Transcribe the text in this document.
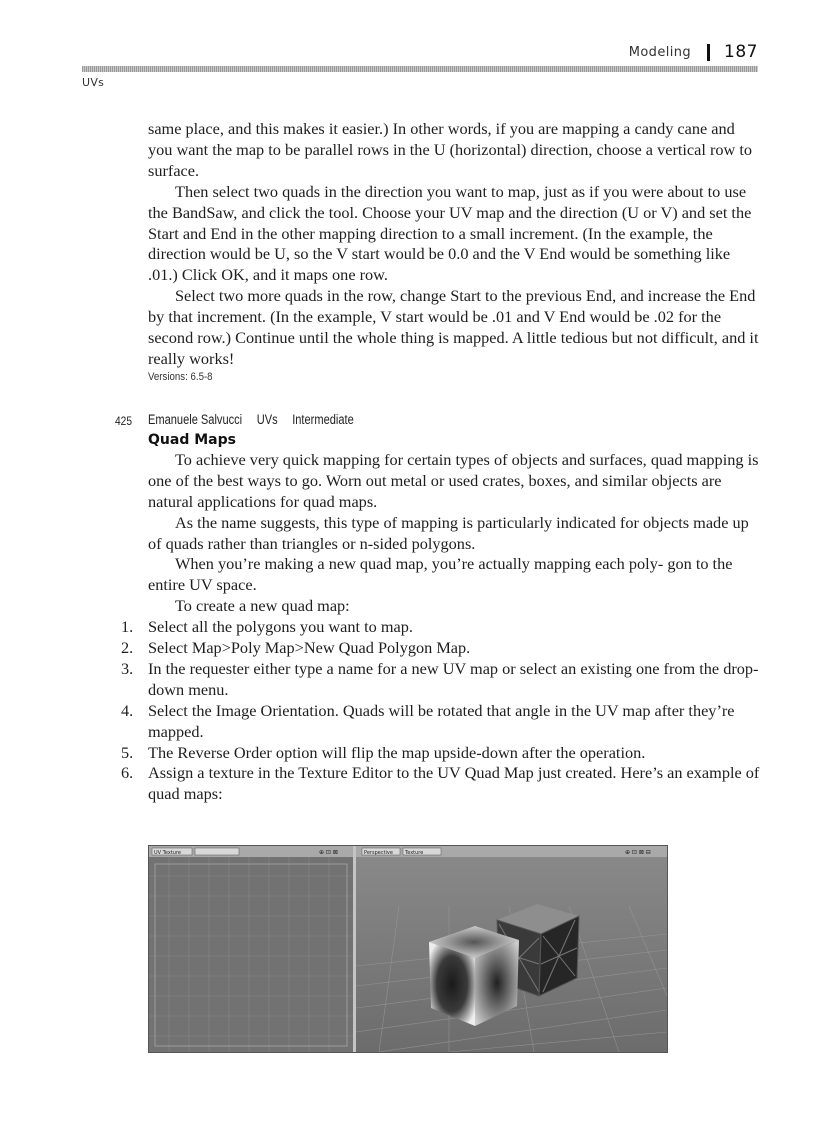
Modeling 187
UVs

same place, and this makes it easier.) In other words, if you are mapping a candy cane and you want the map to be parallel rows in the U (horizontal) direction, choose a vertical row to surface.

Then select two quads in the direction you want to map, just as if you were about to use the BandSaw, and click the tool. Choose your UV map and the direction (U or V) and set the Start and End in the other mapping direction to a small increment. (In the example, the direction would be U, so the V start would be 0.0 and the V End would be something like .01.) Click OK, and it maps one row.

Select two more quads in the row, change Start to the previous End, and increase the End by that increment. (In the example, V start would be .01 and V End would be .02 for the second row.) Continue until the whole thing is mapped. A little tedious but not difficult, and it really works!

Versions: 6.5-8

425 Emanuele Salvucci UVs Intermediate

Quad Maps

To achieve very quick mapping for certain types of objects and surfaces, quad mapping is one of the best ways to go. Worn out metal or used crates, boxes, and similar objects are natural applications for quad maps.

As the name suggests, this type of mapping is particularly indicated for objects made up of quads rather than triangles or n-sided polygons.

When you’re making a new quad map, you’re actually mapping each poly- gon to the entire UV space.

To create a new quad map:

1. Select all the polygons you want to map.
2. Select Map>Poly Map>New Quad Polygon Map.
3. In the requester either type a name for a new UV map or select an existing one from the drop-down menu.
4. Select the Image Orientation. Quads will be rotated that angle in the UV map after they’re mapped.
5. The Reverse Order option will flip the map upside-down after the operation.
6. Assign a texture in the Texture Editor to the UV Quad Map just created. Here’s an example of quad maps:
UV Texture	⊕ ⊡ ⊠	Perspective Texture	⊕ ⊡ ⊠ ⊟
